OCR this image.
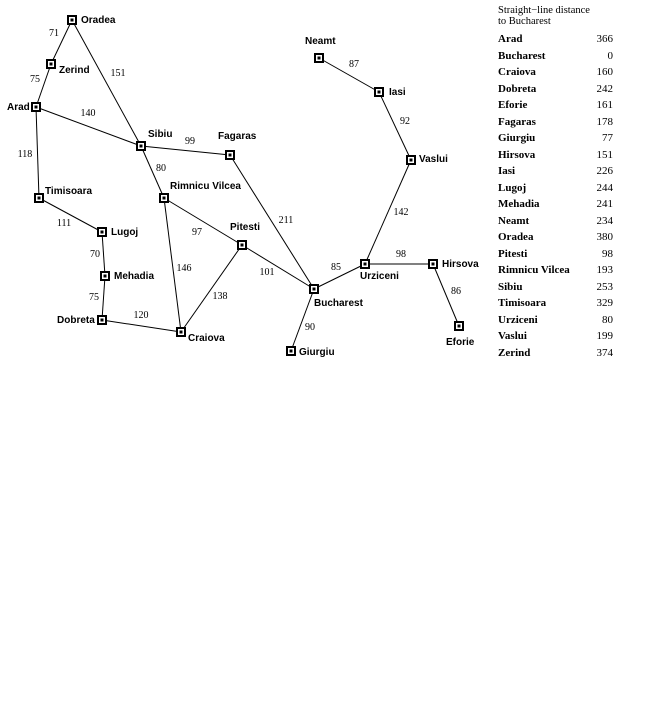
71
75
151
140
118
99
80
111
70
75
120
146
97
138
101
211
90
85
98
86
142
92
87
Oradea
Zerind
Arad
Sibiu	Fagaras
Timisoara	Rimnicu Vilcea
Lugoj
Mehadia
Dobreta
Craiova
Pitesti
Bucharest
Giurgiu
Neamt
Iasi
Vaslui
Urziceni
Hirsova
Eforie
Straight−line distance
to Bucharest
Arad	366
Bucharest	0
Craiova	160
Dobreta	242
Eforie	161
Fagaras	178
Giurgiu	77
Hirsova	151
Iasi	226
Lugoj	244
Mehadia	241
Neamt	234
Oradea	380
Pitesti	98
Rimnicu Vilcea 193
Sibiu	253
Timisoara	329
Urziceni	80
Vaslui	199
Zerind	374
